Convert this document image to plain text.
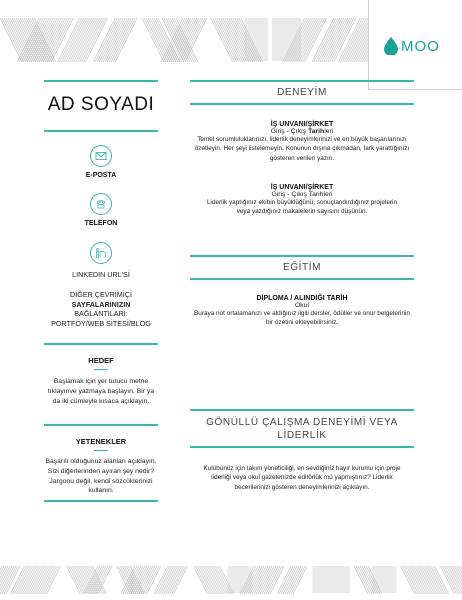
MOO
AD SOYADI
E-POSTA
TELEFON
LINKEDIN URL'Sİ
DİĞER ÇEVRİMİÇİ
SAYFALARINIZIN
BAĞLANTILARI:
PORTFÖY/WEB SİTESİ/BLOG
HEDEF
Başlamak için yer tutucu metne tıklayınve yazmaya başlayın. Bir ya da iki cümleyle kısaca açıklayın.
YETENEKLER
Başarılı olduğunuz alanları açıklayın. Sizi diğerlerinden ayıran şey nedir? Jargonu değil, kendi sözcüklerinizi kullanın.
DENEYİM
İŞ UNVANI/ŞİRKET
Giriş - Çıkış Tarihleri
Temel sorumluluklarınızı, liderlik deneyimlerinizi ve en büyük başarılarınızı özetleyin. Her şeyi listelemeyin. Konunun dışına çıkmadan, fark yarattığınızı gösteren verileri yazın.
İŞ UNVANI/ŞİRKET
Giriş - Çıkış Tarihleri
Liderlik yaptığınız ekibin büyüklüğünü, sonuçlandırdığınız projelerin veya yazdığınız makalelerin sayısını düşünün.
EĞİTİM
DİPLOMA / ALINDIĞI TARİH
Okul
Buraya not ortalamanızı ve aldığınız ilgili dersler, ödüller ve onur belgelerinin bir özetini ekleyebilirsiniz.
GÖNÜLLÜ ÇALIŞMA DENEYİMİ VEYA
LİDERLİK
Kulübünüz için takım yöneticiliği, en sevdiğiniz hayır kurumu için proje liderliği veya okul gazetenizde editörlük mü yapmıştınız? Liderlik becerilerinizi gösteren deneyimlerinizi açıklayın.
